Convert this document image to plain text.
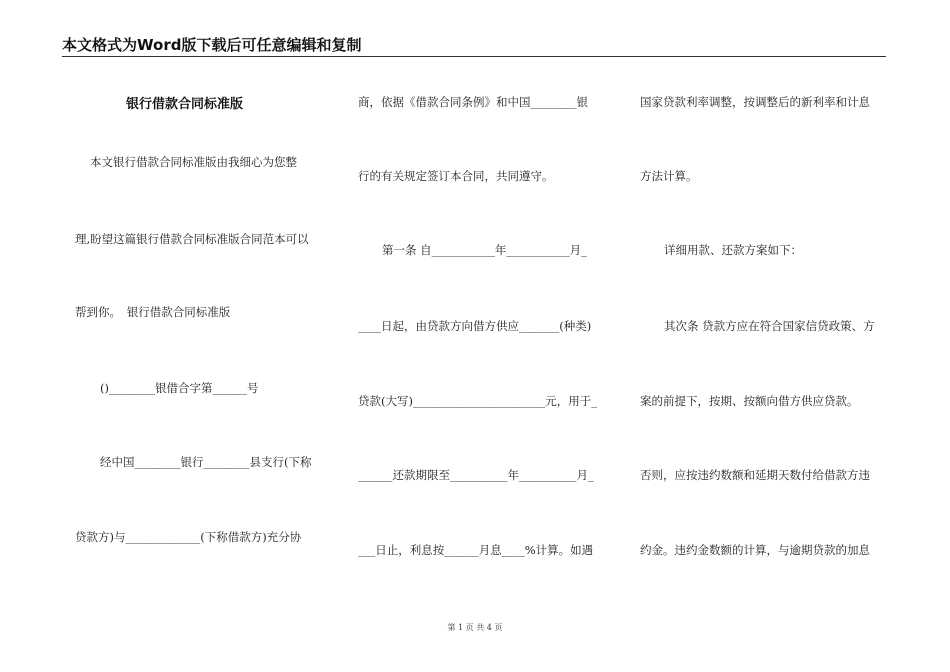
本文格式为Word版下载后可任意编辑和复制
银行借款合同标准版
本文银行借款合同标准版由我细心为您整
理,盼望这篇银行借款合同标准版合同范本可以
帮到你。　银行借款合同标准版
()________银借合字第______号
经中国________银行________县支行(下称
贷款方)与_____________(下称借款方)充分协
商，依据《借款合同条例》和中国________银
行的有关规定签订本合同，共同遵守。
第一条 自___________年___________月_
____日起，由贷款方向借方供应_______(种类)
贷款(大写)_______________________元，用于_
______还款期限至__________年__________月_
___日止，利息按______月息____%计算。如遇
国家贷款利率调整，按调整后的新利率和计息
方法计算。
详细用款、还款方案如下：
其次条 贷款方应在符合国家信贷政策、方
案的前提下，按期、按额向借方供应贷款。
否则，应按违约数额和延期天数付给借款方违
约金。违约金数额的计算，与逾期贷款的加息
第 1 页 共 4 页
